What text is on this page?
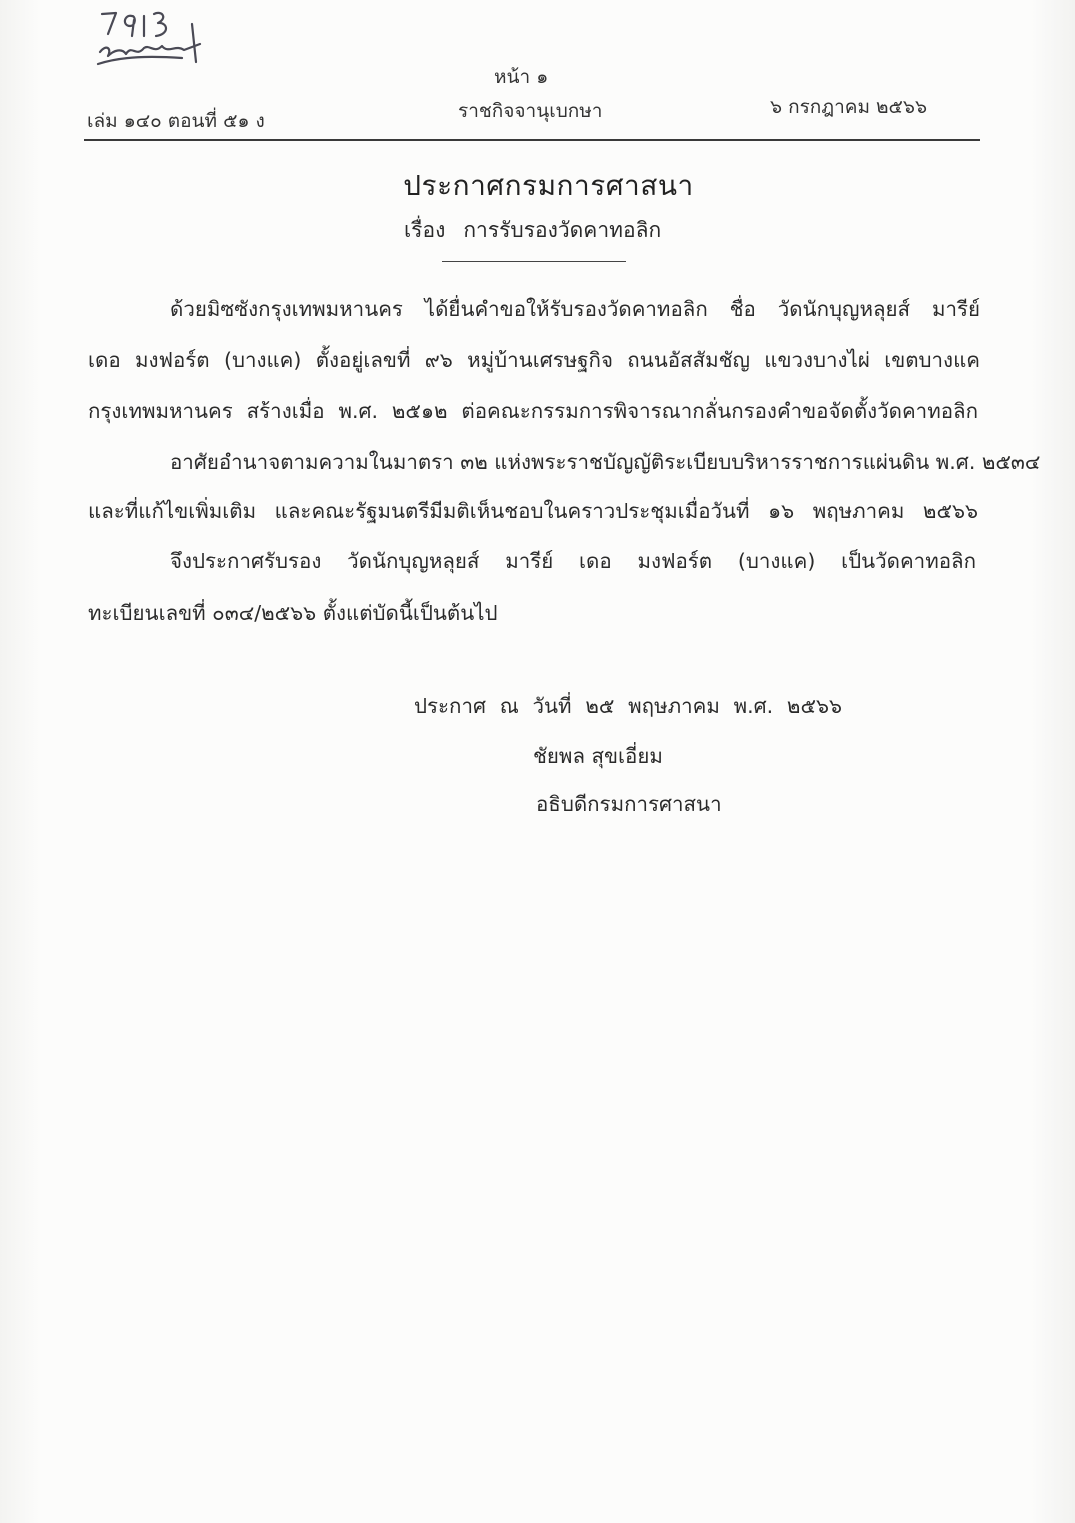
หน้า ๑
เล่ม ๑๔๐ ตอนที่ ๕๑ ง	ราชกิจจานุเบกษา	๖ กรกฎาคม ๒๕๖๖
ประกาศกรมการศาสนา
เรื่อง การรับรองวัดคาทอลิก
ด้วยมิซซังกรุงเทพมหานคร ได้ยื่นคำขอให้รับรองวัดคาทอลิก ชื่อ วัดนักบุญหลุยส์ มารีย์
เดอ มงฟอร์ต (บางแค) ตั้งอยู่เลขที่ ๙๖ หมู่บ้านเศรษฐกิจ ถนนอัสสัมชัญ แขวงบางไผ่ เขตบางแค
กรุงเทพมหานคร สร้างเมื่อ พ.ศ. ๒๕๑๒ ต่อคณะกรรมการพิจารณากลั่นกรองคำขอจัดตั้งวัดคาทอลิก
อาศัยอำนาจตามความในมาตรา ๓๒ แห่งพระราชบัญญัติระเบียบบริหารราชการแผ่นดิน พ.ศ. ๒๕๓๔
และที่แก้ไขเพิ่มเติม และคณะรัฐมนตรีมีมติเห็นชอบในคราวประชุมเมื่อวันที่ ๑๖ พฤษภาคม ๒๕๖๖
จึงประกาศรับรอง วัดนักบุญหลุยส์ มารีย์ เดอ มงฟอร์ต (บางแค) เป็นวัดคาทอลิก
ทะเบียนเลขที่ ๐๓๔/๒๕๖๖ ตั้งแต่บัดนี้เป็นต้นไป
ประกาศ ณ วันที่ ๒๕ พฤษภาคม พ.ศ. ๒๕๖๖
ชัยพล สุขเอี่ยม
อธิบดีกรมการศาสนา
